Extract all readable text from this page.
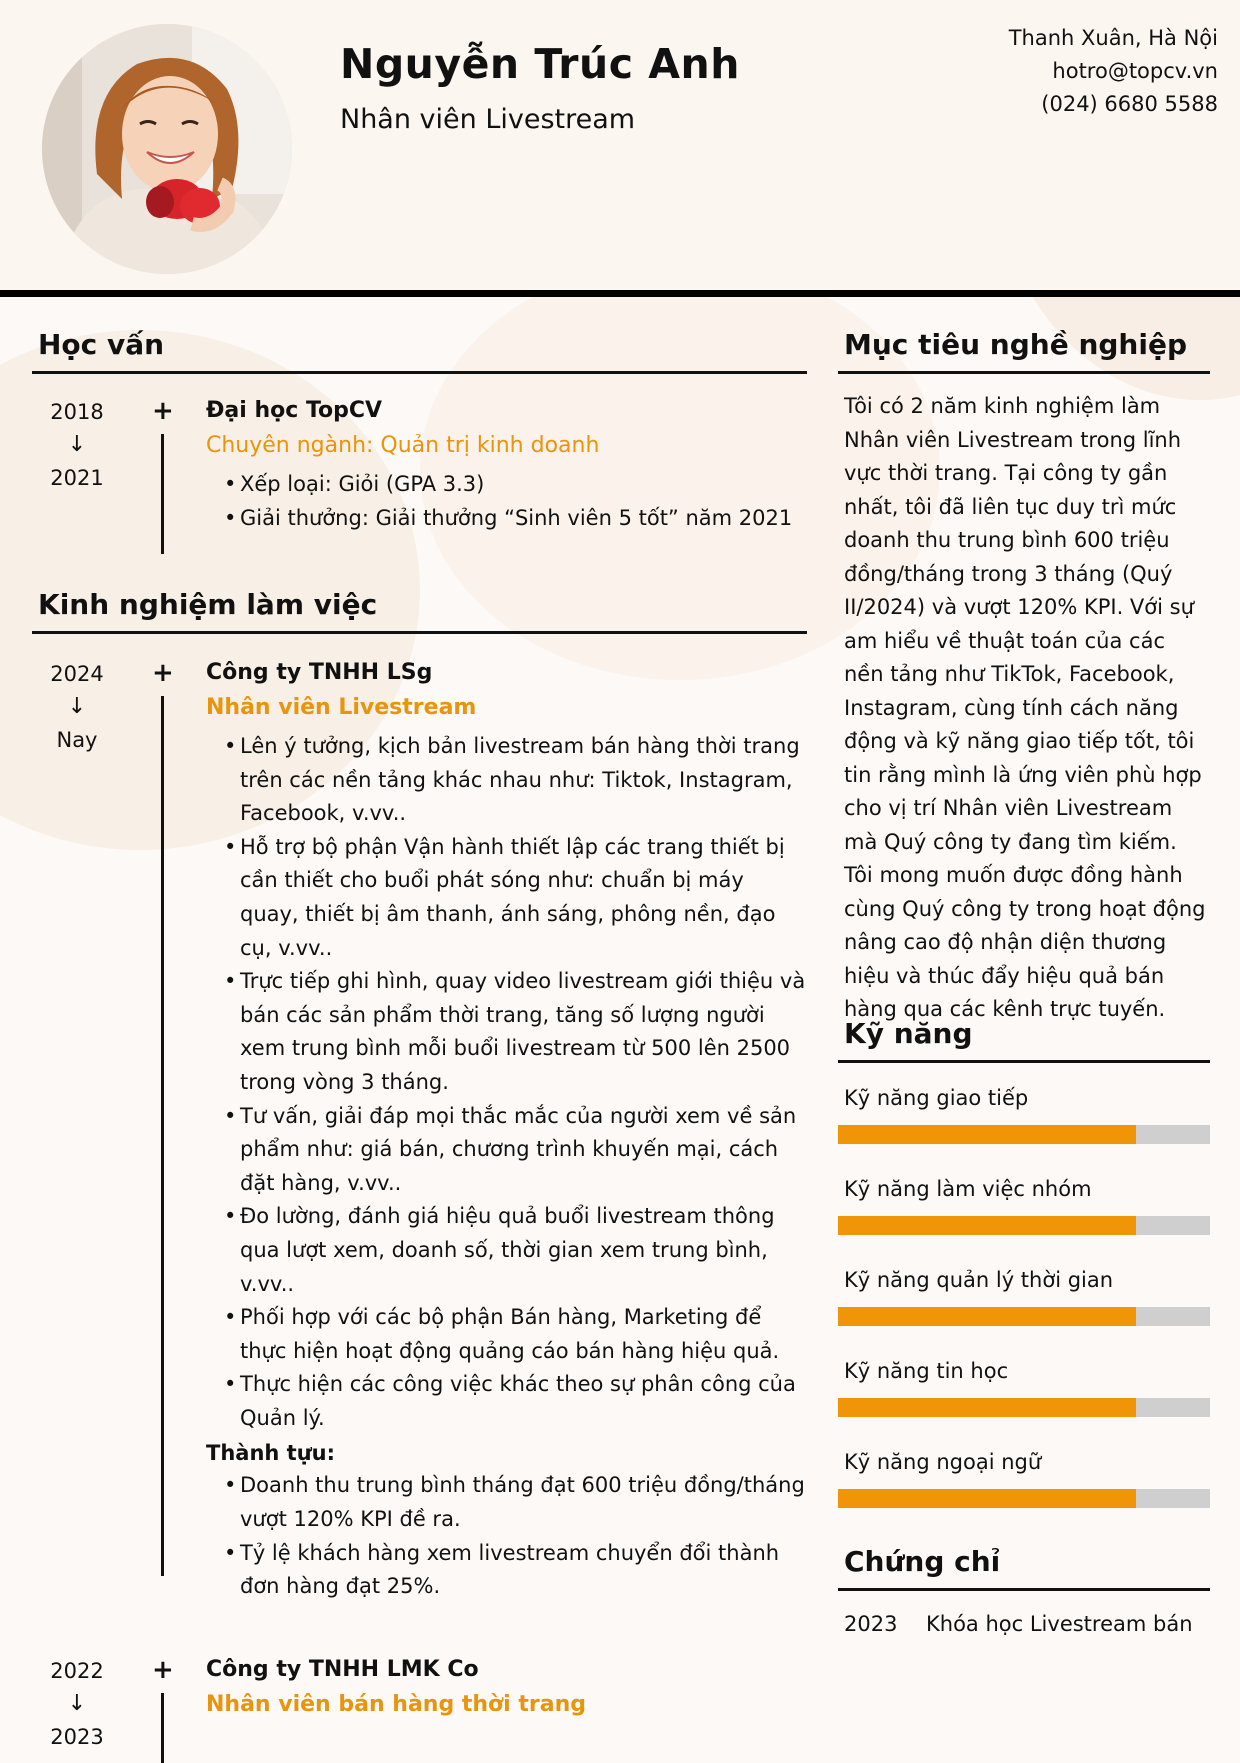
Nguyễn Trúc Anh
Nhân viên Livestream
Thanh Xuân, Hà Nội
hotro@topcv.vn
(024) 6680 5588
Học vấn
2018
↓
2021
+ Đại học TopCV
Chuyên ngành: Quản trị kinh doanh
• Xếp loại: Giỏi (GPA 3.3)
• Giải thưởng: Giải thưởng “Sinh viên 5 tốt” năm 2021
Kinh nghiệm làm việc
2024
↓
Nay
+ Công ty TNHH LSg
Nhân viên Livestream
• Lên ý tưởng, kịch bản livestream bán hàng thời trang trên các nền tảng khác nhau như: Tiktok, Instagram, Facebook, v.vv..
• Hỗ trợ bộ phận Vận hành thiết lập các trang thiết bị cần thiết cho buổi phát sóng như: chuẩn bị máy quay, thiết bị âm thanh, ánh sáng, phông nền, đạo cụ, v.vv..
• Trực tiếp ghi hình, quay video livestream giới thiệu và bán các sản phẩm thời trang, tăng số lượng người xem trung bình mỗi buổi livestream từ 500 lên 2500 trong vòng 3 tháng.
• Tư vấn, giải đáp mọi thắc mắc của người xem về sản phẩm như: giá bán, chương trình khuyến mại, cách đặt hàng, v.vv..
• Đo lường, đánh giá hiệu quả buổi livestream thông qua lượt xem, doanh số, thời gian xem trung bình, v.vv..
• Phối hợp với các bộ phận Bán hàng, Marketing để thực hiện hoạt động quảng cáo bán hàng hiệu quả.
• Thực hiện các công việc khác theo sự phân công của Quản lý.
Thành tựu:
• Doanh thu trung bình tháng đạt 600 triệu đồng/tháng vượt 120% KPI đề ra.
• Tỷ lệ khách hàng xem livestream chuyển đổi thành đơn hàng đạt 25%.
2022
↓
2023
+ Công ty TNHH LMK Co
Nhân viên bán hàng thời trang
Mục tiêu nghề nghiệp
Tôi có 2 năm kinh nghiệm làm Nhân viên Livestream trong lĩnh vực thời trang. Tại công ty gần nhất, tôi đã liên tục duy trì mức doanh thu trung bình 600 triệu đồng/tháng trong 3 tháng (Quý II/2024) và vượt 120% KPI. Với sự am hiểu về thuật toán của các nền tảng như TikTok, Facebook, Instagram, cùng tính cách năng động và kỹ năng giao tiếp tốt, tôi tin rằng mình là ứng viên phù hợp cho vị trí Nhân viên Livestream mà Quý công ty đang tìm kiếm. Tôi mong muốn được đồng hành cùng Quý công ty trong hoạt động nâng cao độ nhận diện thương hiệu và thúc đẩy hiệu quả bán hàng qua các kênh trực tuyến.
Kỹ năng
Kỹ năng giao tiếp
Kỹ năng làm việc nhóm
Kỹ năng quản lý thời gian
Kỹ năng tin học
Kỹ năng ngoại ngữ
Chứng chỉ
2023 Khóa học Livestream bán
